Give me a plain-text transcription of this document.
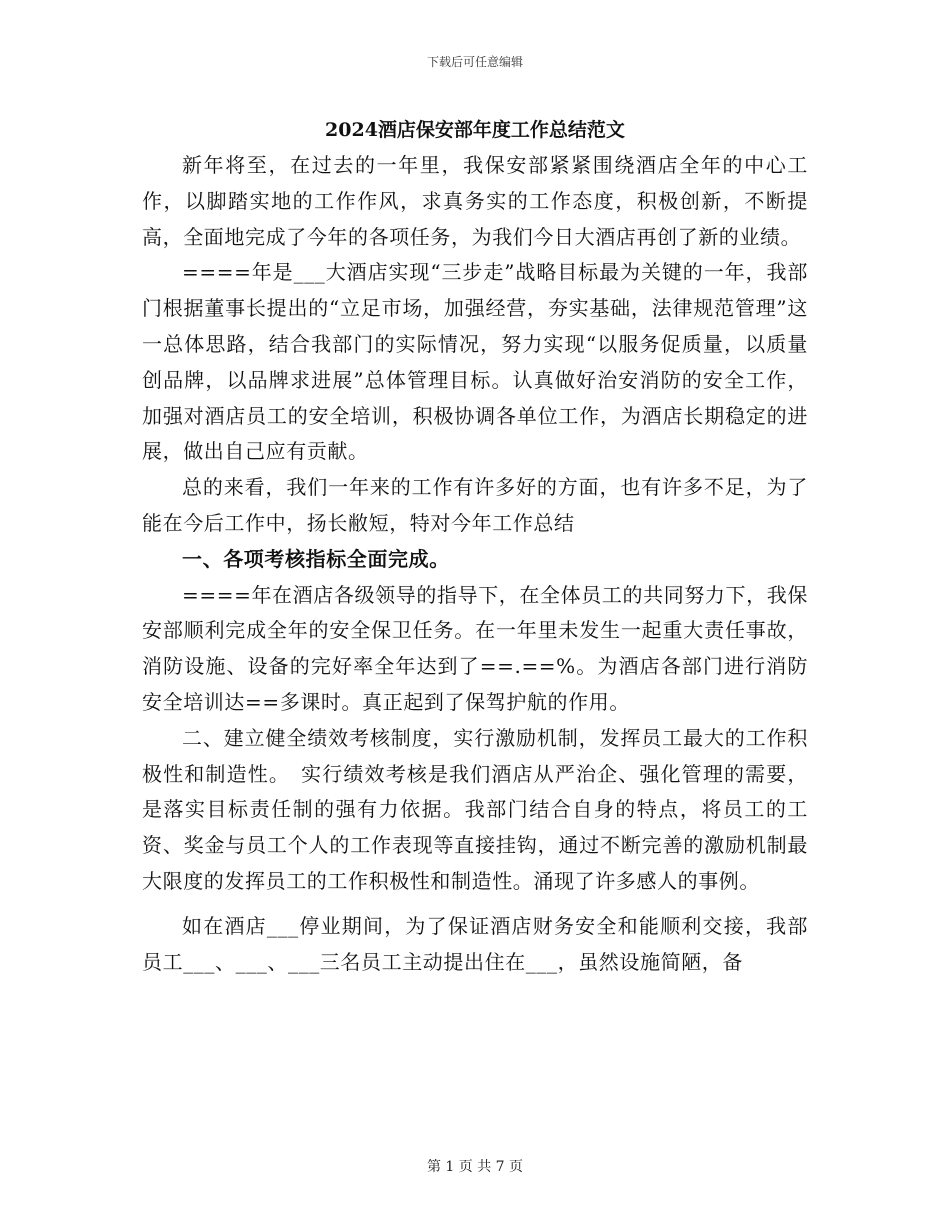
下载后可任意编辑
2024酒店保安部年度工作总结范文

新年将至，在过去的一年里，我保安部紧紧围绕酒店全年的中心工作，以脚踏实地的工作作风，求真务实的工作态度，积极创新，不断提高，全面地完成了今年的各项任务，为我们今日大酒店再创了新的业绩。

====年是___大酒店实现“三步走”战略目标最为关键的一年，我部门根据董事长提出的“立足市场，加强经营，夯实基础，法律规范管理”这一总体思路，结合我部门的实际情况，努力实现“以服务促质量，以质量创品牌，以品牌求进展”总体管理目标。认真做好治安消防的安全工作，加强对酒店员工的安全培训，积极协调各单位工作，为酒店长期稳定的进展，做出自己应有贡献。

总的来看，我们一年来的工作有许多好的方面，也有许多不足，为了能在今后工作中，扬长敝短，特对今年工作总结

一、各项考核指标全面完成。

====年在酒店各级领导的指导下，在全体员工的共同努力下，我保安部顺利完成全年的安全保卫任务。在一年里未发生一起重大责任事故，消防设施、设备的完好率全年达到了==.==%。为酒店各部门进行消防安全培训达==多课时。真正起到了保驾护航的作用。

二、建立健全绩效考核制度，实行激励机制，发挥员工最大的工作积极性和制造性。　实行绩效考核是我们酒店从严治企、强化管理的需要，是落实目标责任制的强有力依据。我部门结合自身的特点，将员工的工资、奖金与员工个人的工作表现等直接挂钩，通过不断完善的激励机制最大限度的发挥员工的工作积极性和制造性。涌现了许多感人的事例。

如在酒店___停业期间，为了保证酒店财务安全和能顺利交接，我部员工___、___、___三名员工主动提出住在___，虽然设施简陋，备

第 1 页 共 7 页
